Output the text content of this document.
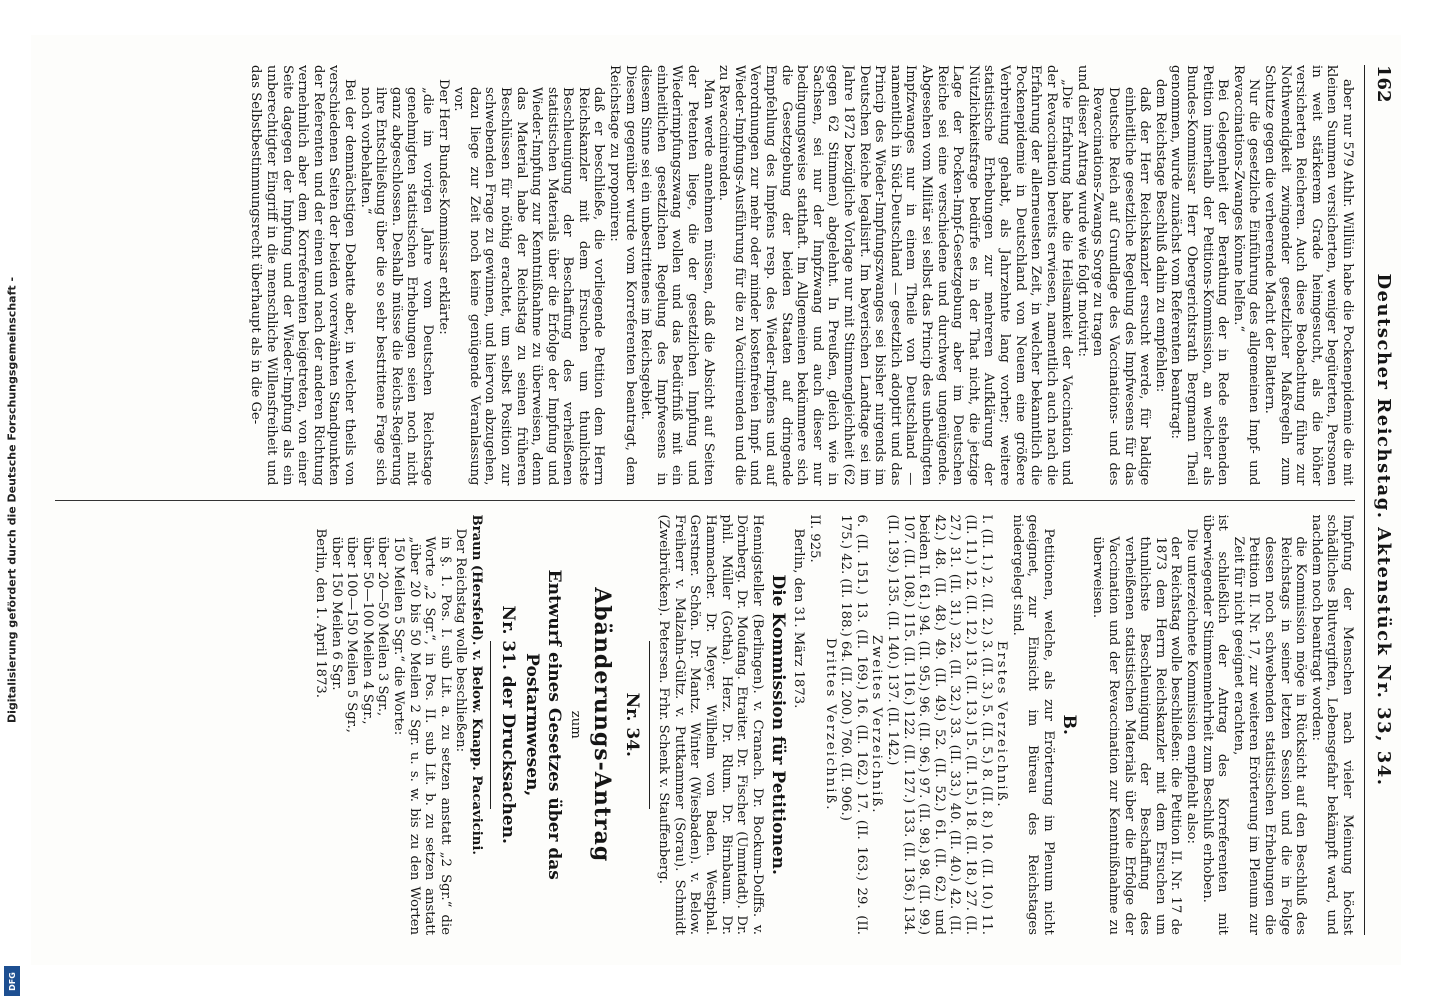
162
Deutscher Reichstag. Aktenstück Nr. 33, 34.

aber nur 579 Athlr. Willüin habe die Pockenepidemie die mit kleinen Summen versicherten, weniger begüterten, Personen in weit stärkerem Grade heimgesucht, als die höher versicherten Reicheren. Auch diese Beobachtung führe zur Nothwendigkeit zwingender gesetzlicher Maßregeln zum Schutze gegen die verheerende Macht der Blattern.

Nur die gesetzliche Einführung des allgemeinen Impf- und Revaccinations-Zwanges könne helfen.“

Bei Gelegenheit der Berathung der in Rede stehenden Petition innerhalb der Petitions-Kommission, an welcher als Bundes-Kommissar Herr Obergerichtsrath Bergmann Theil genommen, wurde zunächst vom Referenten beantragt:

dem Reichstage Beschluß dahin zu empfehlen:

daß der Herr Reichskanzler ersucht werde, für baldige einheitliche gesetzliche Regelung des Impfwesens für das Deutsche Reich auf Grundlage des Vaccinations- und des Revaccinations-Zwangs Sorge zu tragen

und dieser Antrag wurde wie folgt motivirt:

„Die Erfahrung habe die Heilsamkeit der Vaccination und der Revaccination bereits erwiesen, namentlich auch nach die Erfahrung der allerneuesten Zeit, in welcher bekanntlich die Pockenepidemie in Deutschland von Neuem eine größere Verbreitung gehabt, als Jahrzehnte lang vorher; weitere statistische Erhebungen zur mehreren Aufklärung der Nützlichkeitsfrage bedürfe es in der That nicht, die jetzige Lage der Pocken-Impf-Gesetzgebung aber im Deutschen Reiche sei eine verschiedene und durchweg ungenügende. Abgesehen vom Militär sei selbst das Princip des unbedingten Impfzwanges nur in einem Theile von Deutschland — namentlich in Süd-Deutschland — gesetzlich adoptirt und das Princip des Wieder-Impfungszwanges sei bisher nirgends im Deutschen Reiche legalisirt. Im bayerischen Landtage sei im Jahre 1872 bezügliche Vorlage nur mit Stimmengleichheit (62 gegen 62 Stimmen) abgelehnt. In Preußen, gleich wie in Sachsen, sei nur der Impfzwang und auch dieser nur bedingungsweise statthaft. Im Allgemeinen bekümmere sich die Gesetzgebung der beiden Staaten auf dringende Empfehlung des Impfens resp. des Wieder-Impfens und auf Verordnungen zur mehr oder minder kostenfreien Impf- und Wieder-Impfungs-Ausführung für die zu Vaccinirenden und die zu Revaccinirenden.

Man werde annehmen müssen, daß die Absicht auf Seiten der Petenten liege, die der gesetzlichen Impfung und Wiederimpfungszwang wollen und das Bedürfniß mit ein einheitlichen gesetzlichen Regelung des Impfwesens in diesem Sinne sei ein unbestrittenes im Reichsgebiet.

Diesem gegenüber wurde vom Korreferenten beantragt, dem Reichstage zu proponiren:

daß er beschließe, die vorliegende Petition dem Herrn Reichskanzler mit dem Ersuchen um thunlichste Beschleunigung der Beschaffung des verheißenen statistischen Materials über die Erfolge der Impfung und Wieder-Impfung zur Kenntnißnahme zu überweisen, denn das Material habe der Reichstag zu seinen früheren Beschlüssen für nöthig erachtet, um selbst Position zur schwebenden Frage zu gewinnen, und hiervon abzugehen, dazu liege zur Zeit noch keine genügende Veranlassung vor.

Der Herr Bundes-Kommissar erklärte:

„die im vorigen Jahre vom Deutschen Reichstage genehmigten statistischen Erhebungen seien noch nicht ganz abgeschlossen. Deshalb müsse die Reichs-Regierung ihre Entschließung über die so sehr bestrittene Frage sich noch vorbehalten.“

Bei der demnächstigen Debatte aber, in welcher theils von verschiedenen Seiten der beiden vorerwähnten Standpunkten der Referenten und der einen und nach der anderen Richtung vernehmlich aber dem Korreferenten beigetreten, von einer Seite dagegen der Impfung und der Wieder-Impfung als ein unberechtigter Eingriff in die menschliche Willensfreiheit und das Selbstbestimmungsrecht überhaupt als in die Ge-

Impfung der Menschen nach vieler Meinung höchst schädliches Blutvergiften, Lebensgefahr bekämpft ward, und nachdem noch beantragt worden:

die Kommission möge in Rücksicht auf den Beschluß des Reichstags in seiner letzten Session und die in Folge dessen noch schwebenden statistischen Erhebungen die Petition II. Nr. 17, zur weiteren Erörterung im Plenum zur Zeit für nicht geeignet erachten,

ist schließlich der Antrag des Korreferenten mit überwiegender Stimmenmehrheit zum Beschluß erhoben.

Die unterzeichnete Kommission empfiehlt also:

der Reichstag wolle beschließen: die Petition II. Nr. 17 de 1873 dem Herrn Reichskanzler mit dem Ersuchen um thunlichste Beschleunigung der Beschaffung des verheißenen statistischen Materials über die Erfolge der Vaccination und der Revaccination zur Kenntnißnahme zu überweisen.

B.

Petitionen, welche, als zur Erörterung im Plenum nicht geeignet, zur Einsicht im Büreau des Reichstages niedergelegt sind.

Erstes Verzeichniß.

I. (II. 1.) 2. (II. 2.) 3. (II. 3.) 5. (II. 5.) 8. (II. 8.) 10. (II. 10.) 11. (II. 11.) 12. (II. 12.) 13. (II. 13.) 15. (II. 15.) 18. (II. 18.) 27. (II. 27.) 31. (II. 31.) 32. (II. 32.) 33. (II. 33.) 40. (II. 40.) 42. (II. 42.) 48. (II. 48.) 49. (II. 49.) 52. (II. 52.) 61. (II. 62.) und beiden II. 61.) 94. (II. 95.) 96. (II. 96.) 97. (II. 98.) 98. (II. 99.) 107. (II. 108.) 115. (II. 116.) 122. (II. 127.) 133. (II. 136.) 134. (II. 139.) 135. (II. 140.) 137. (II. 142.)

Zweites Verzeichniß.

6. (II. 151.) 13. (II. 169.) 16. (II. 162.) 17. (II. 163.) 29. (II. 175.) 42. (II. 188.) 64. (II. 200.) 760. (II. 906.)

Drittes Verzeichniß.

II. 925.

Berlin, den 31. März 1873.

Die Kommission für Petitionen.

Hennigsteller (Berlingen). v. Cranach. Dr. Bockum-Dolffs. v. Dörnberg. Dr. Moufang. Etraiter. Dr. Fischer (Ummtadt). Dr. phil. Müller (Gotha). Herz. Dr. Rlum. Dr. Birnbaum. Dr. Hammacher. Dr. Meyer. Wilhelm von Baden. Westphal. Gerstner. Schön. Dr. Mantz. Winter (Wiesbaden). v. Below. Freiherr v. Malzahn-Gültz. v. Puttkammer (Sorau). Schmidt (Zweibrücken). Petersen. Frhr. Schenk v. Stauffenberg.

Nr. 34.

Abänderungs-Antrag

zum

Entwurf eines Gesetzes über das Postarmwesen,

Nr. 31. der Drucksachen.

Braun (Hersfeld). v. Below. Knapp. Pacavicini.

Der Reichstag wolle beschließen:

in §. 1. Pos. I. sub Lit. a. zu setzen anstatt „2 Sgr.“ die Worte „2 Sgr.“, in Pos. II. sub Lit. b. zu setzen anstatt „über 20 bis 50 Meilen 2 Sgr. u. s. w. bis zu den Worten 150 Meilen 5 Sgr.“ die Worte:

über 20—50 Meilen 3 Sgr.,

über 50—100 Meilen 4 Sgr.,

über 100—150 Meilen 5 Sgr.,

über 150 Meilen 6 Sgr.

Berlin, den 1. April 1873.

Digitalisierung gefördert durch die Deutsche Forschungsgemeinschaft -
DFG
